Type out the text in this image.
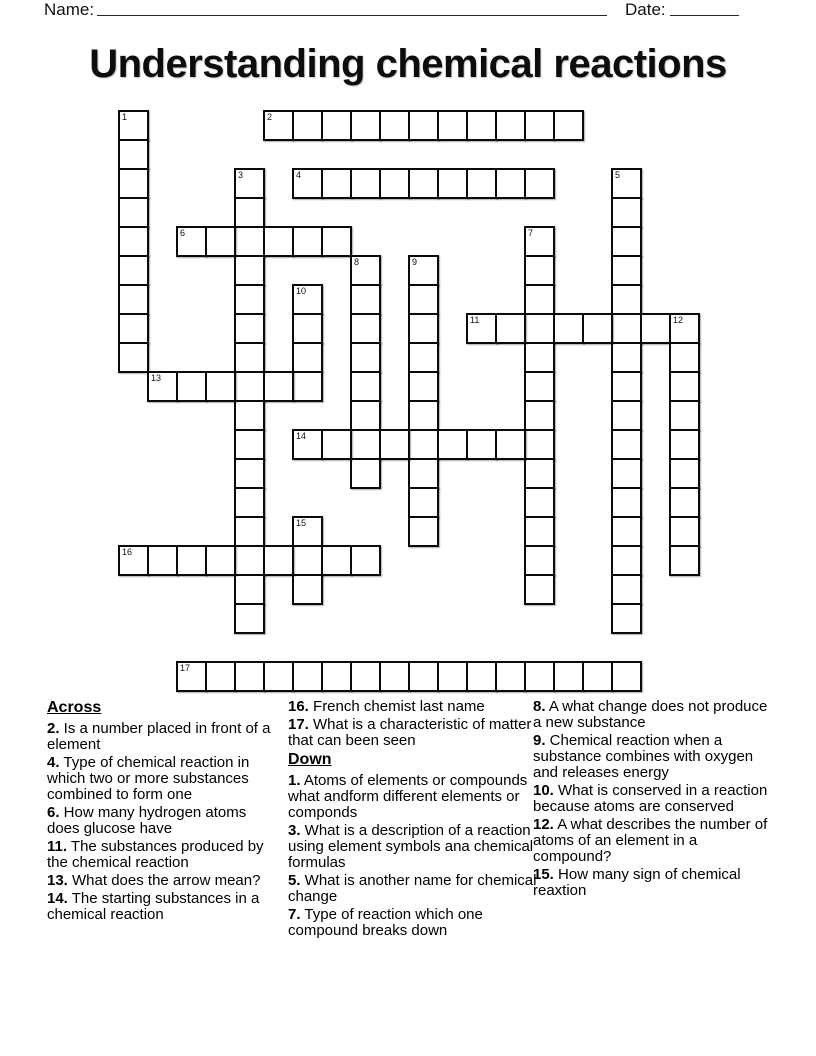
Name:	Date:
Understanding chemical reactions
1	2
3	4	5
6	7
8	9
10
11	12
13
14
15
16
17
Across

2. Is a number placed in front of a element

4. Type of chemical reaction in which two or more substances combined to form one

6. How many hydrogen atoms does glucose have

11. The substances produced by the chemical reaction

13. What does the arrow mean?

14. The starting substances in a chemical reaction

16. French chemist last name

17. What is a characteristic of matter that can been seen

Down

1. Atoms of elements or compounds what andform different elements or componds

3. What is a description of a reaction using element symbols ana chemical formulas

5. What is another name for chemical change

7. Type of reaction which one compound breaks down

8. A what change does not produce a new substance

9. Chemical reaction when a substance combines with oxygen and releases energy

10. What is conserved in a reaction because atoms are conserved

12. A what describes the number of atoms of an element in a compound?

15. How many sign of chemical reaxtion
